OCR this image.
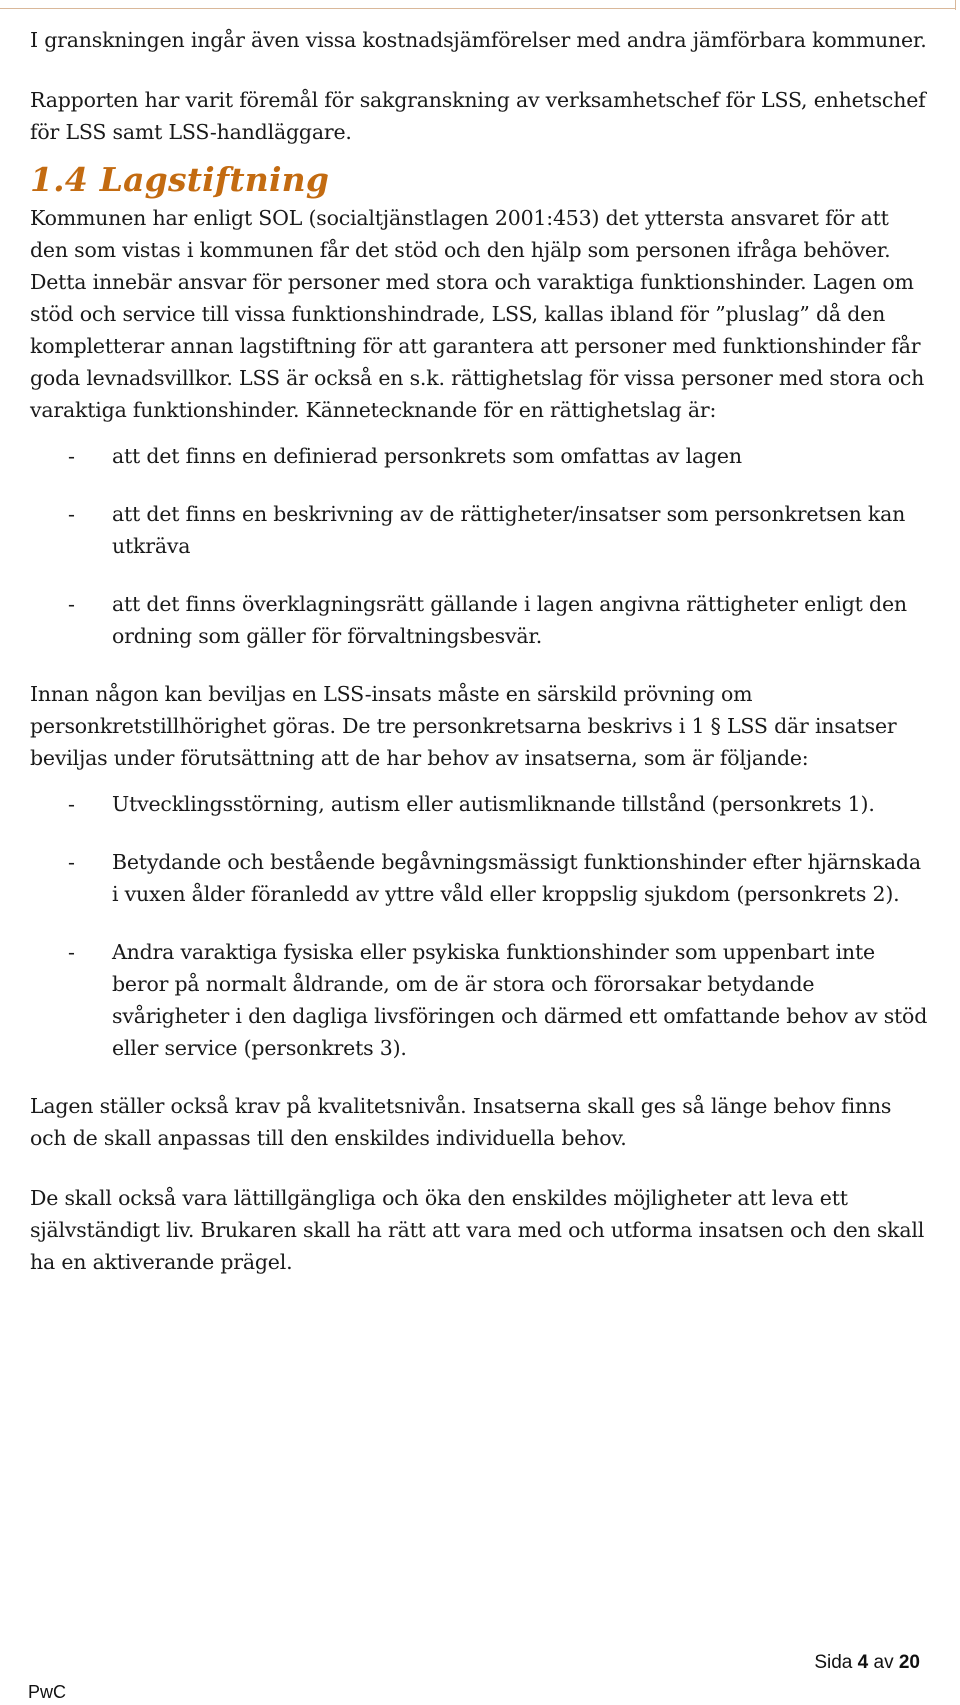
I granskningen ingår även vissa kostnadsjämförelser med andra jämförbara kommuner.

Rapporten har varit föremål för sakgranskning av verksamhetschef för LSS, enhetschef för LSS samt LSS-handläggare.

1.4 Lagstiftning

Kommunen har enligt SOL (socialtjänstlagen 2001:453) det yttersta ansvaret för att den som vistas i kommunen får det stöd och den hjälp som personen ifråga behöver. Detta innebär ansvar för personer med stora och varaktiga funktionshinder. Lagen om stöd och service till vissa funktionshindrade, LSS, kallas ibland för ”pluslag” då den kompletterar annan lagstiftning för att garantera att personer med funktionshinder får goda levnadsvillkor. LSS är också en s.k. rättighetslag för vissa personer med stora och varaktiga funktionshinder. Kännetecknande för en rättighetslag är:

- att det finns en definierad personkrets som omfattas av lagen
- att det finns en beskrivning av de rättigheter/insatser som personkretsen kan utkräva
- att det finns överklagningsrätt gällande i lagen angivna rättigheter enligt den ordning som gäller för förvaltningsbesvär.

Innan någon kan beviljas en LSS-insats måste en särskild prövning om personkretstillhörighet göras. De tre personkretsarna beskrivs i 1 § LSS där insatser beviljas under förutsättning att de har behov av insatserna, som är följande:

- Utvecklingsstörning, autism eller autismliknande tillstånd (personkrets 1).
- Betydande och bestående begåvningsmässigt funktionshinder efter hjärnskada i vuxen ålder föranledd av yttre våld eller kroppslig sjukdom (personkrets 2).
- Andra varaktiga fysiska eller psykiska funktionshinder som uppenbart inte beror på normalt åldrande, om de är stora och förorsakar betydande svårigheter i den dagliga livsföringen och därmed ett omfattande behov av stöd eller service (personkrets 3).

Lagen ställer också krav på kvalitetsnivån. Insatserna skall ges så länge behov finns och de skall anpassas till den enskildes individuella behov.

De skall också vara lättillgängliga och öka den enskildes möjligheter att leva ett självständigt liv. Brukaren skall ha rätt att vara med och utforma insatsen och den skall ha en aktiverande prägel.

Sida 4 av 20
PwC
